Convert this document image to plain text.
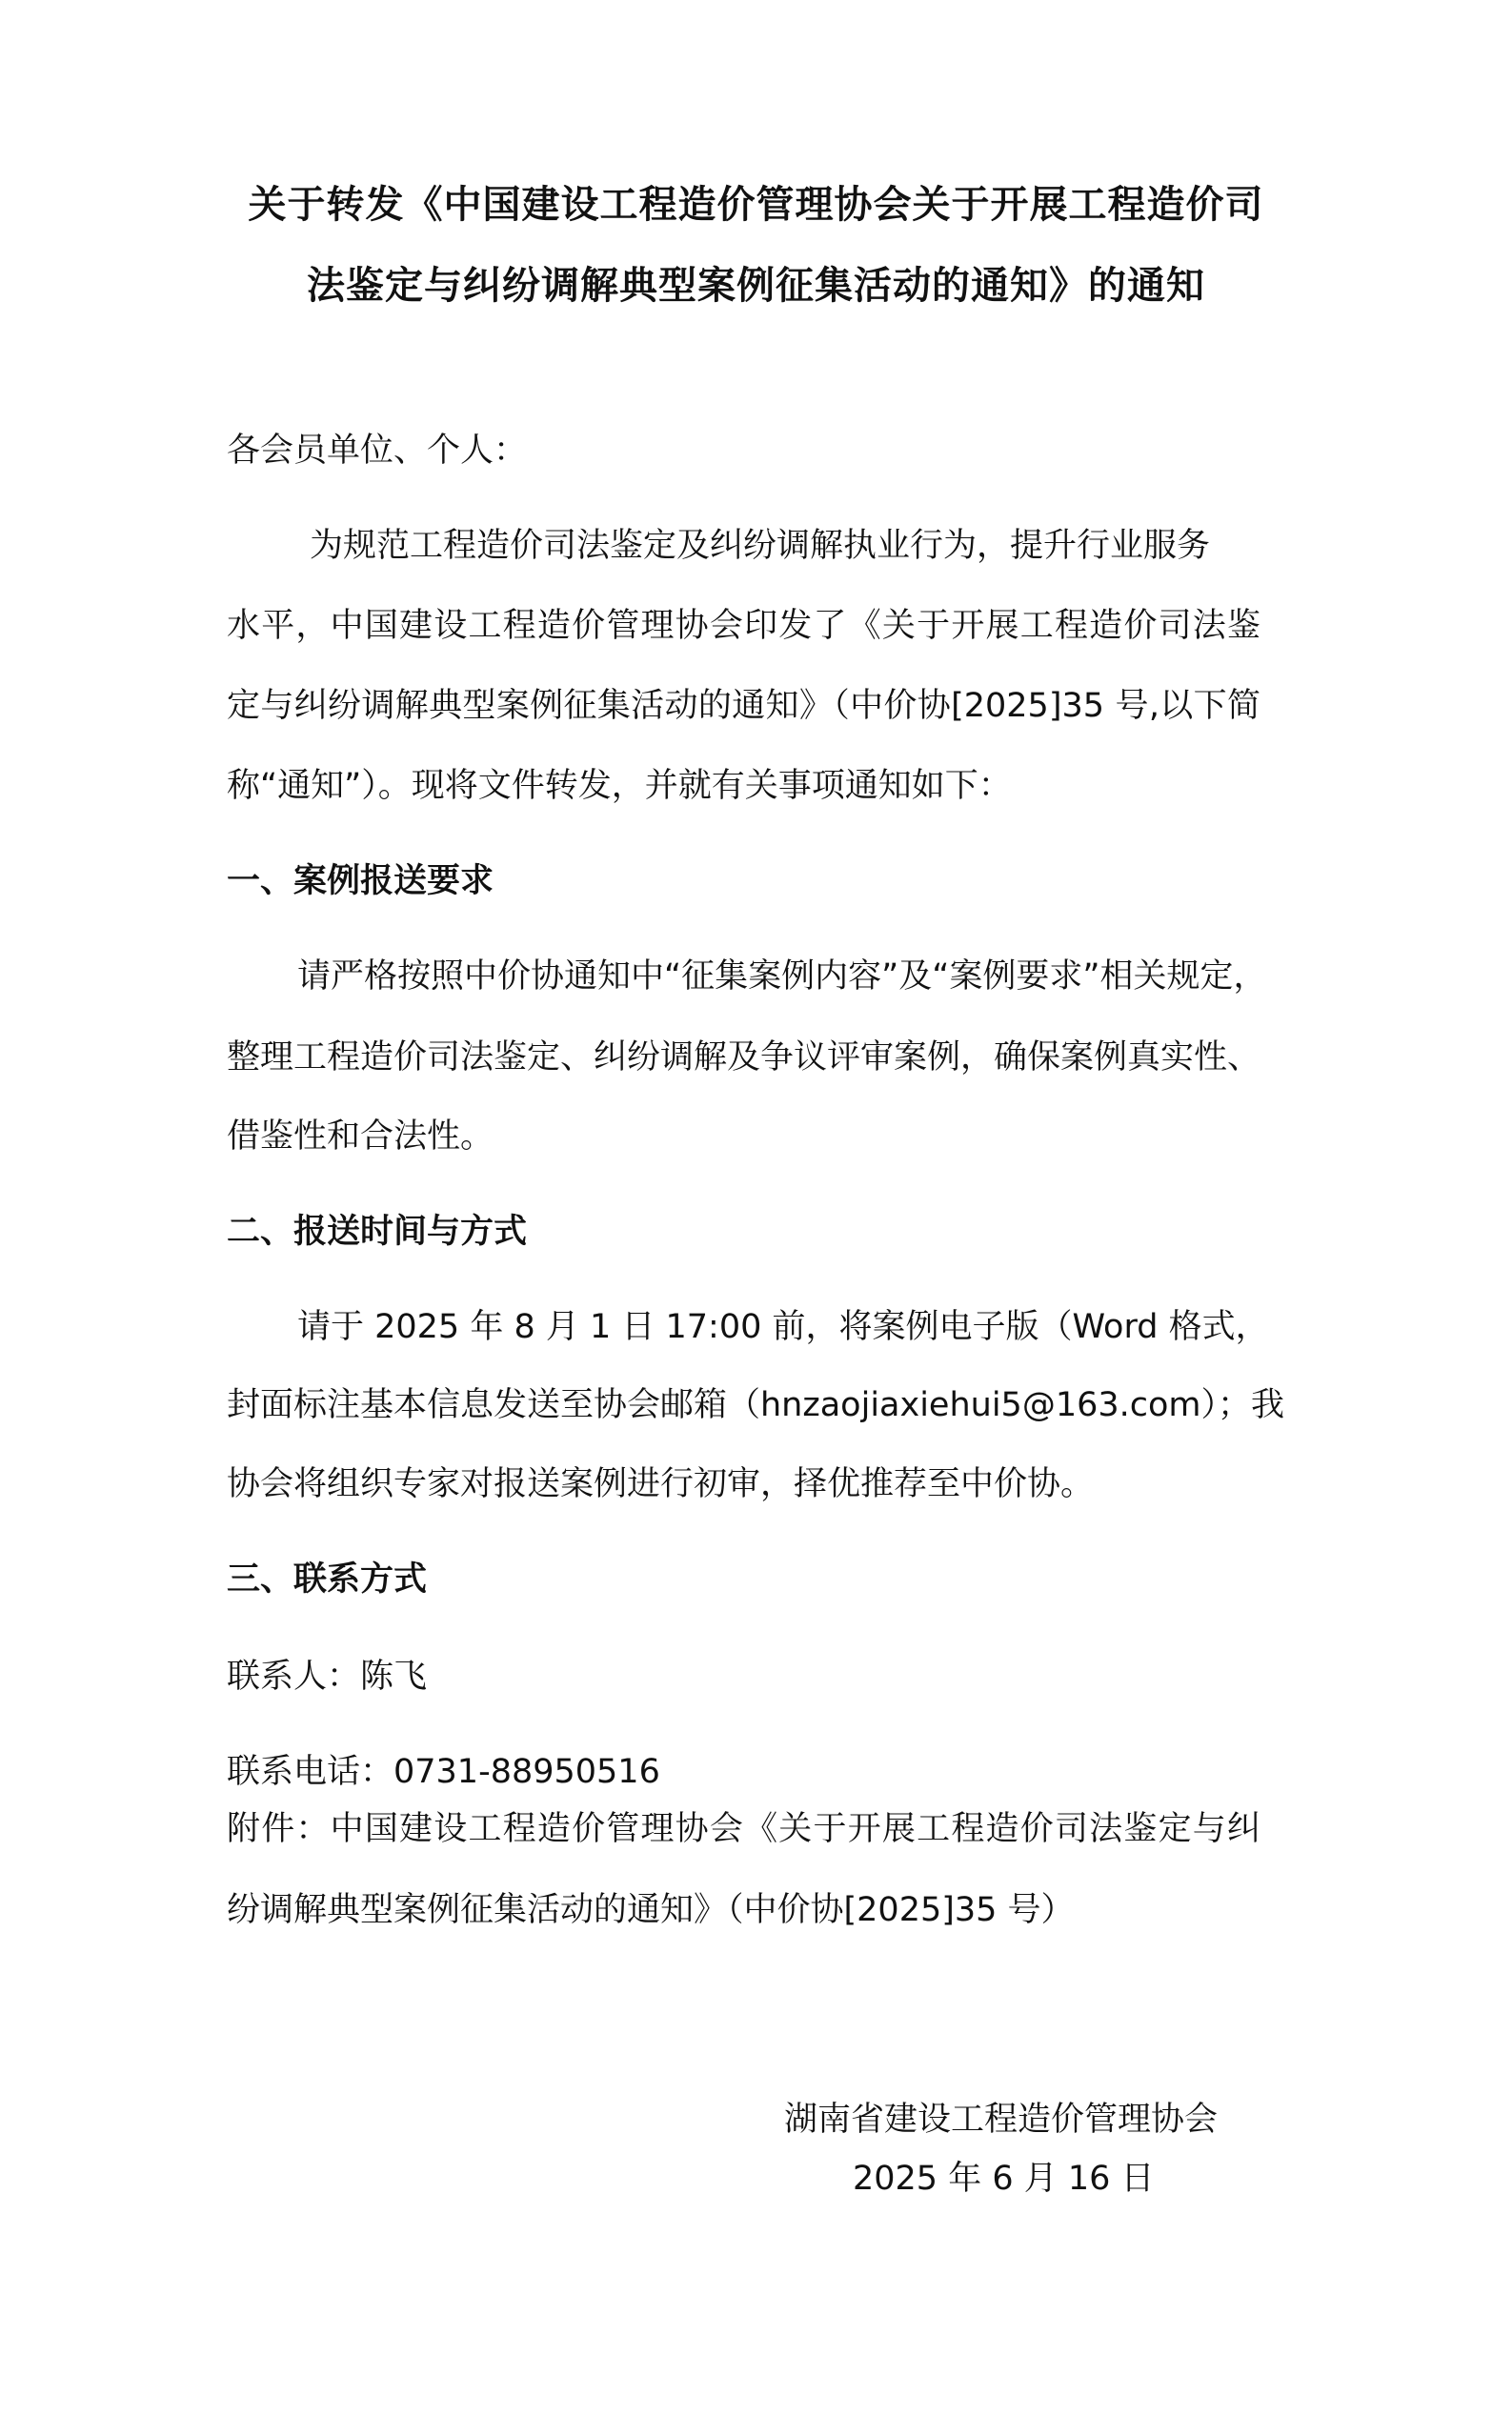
关于转发《中国建设工程造价管理协会关于开展工程造价司
法鉴定与纠纷调解典型案例征集活动的通知》的通知
各会员单位、个人：
为规范工程造价司法鉴定及纠纷调解执业行为，提升行业服务
水平，中国建设工程造价管理协会印发了《关于开展工程造价司法鉴
定与纠纷调解典型案例征集活动的通知》（中价协[2025]35 号,以下简
称“通知”）。现将文件转发，并就有关事项通知如下：
一、案例报送要求
请严格按照中价协通知中“征集案例内容”及“案例要求”相关规定，
整理工程造价司法鉴定、纠纷调解及争议评审案例，确保案例真实性、
借鉴性和合法性。
二、报送时间与方式
请于 2025 年 8 月 1 日 17:00 前，将案例电子版（Word 格式，
封面标注基本信息发送至协会邮箱（hnzaojiaxiehui5@163.com）；我
协会将组织专家对报送案例进行初审，择优推荐至中价协。
三、联系方式
联系人：陈飞
联系电话：0731-88950516
附件：中国建设工程造价管理协会《关于开展工程造价司法鉴定与纠
纷调解典型案例征集活动的通知》（中价协[2025]35 号）
湖南省建设工程造价管理协会
2025 年 6 月 16 日
